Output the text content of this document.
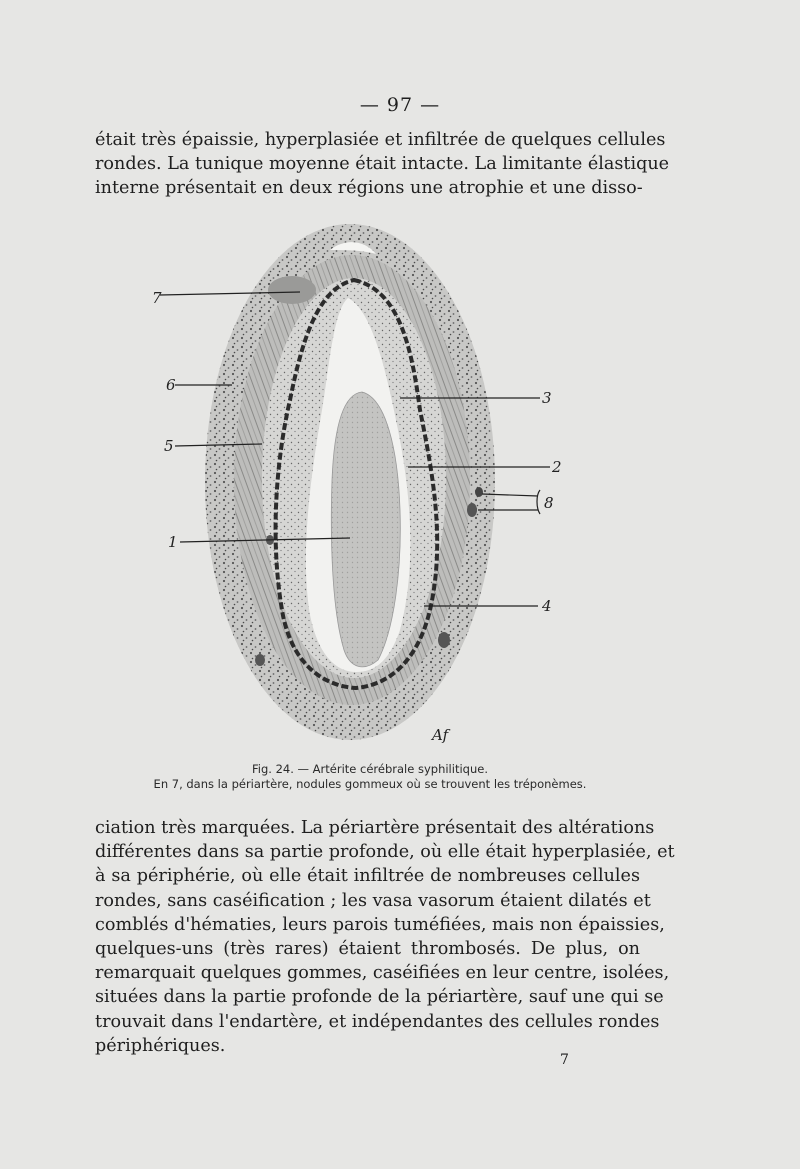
— 97 —
était très épaissie, hyperplasiée et infiltrée de quelques cellules
rondes. La tunique moyenne était intacte. La limitante élastique
interne présentait en deux régions une atrophie et une disso-
7
6
5
1
3
2
8
4
Af
Fig. 24. — Artérite cérébrale syphilitique.
En 7, dans la périartère, nodules gommeux où se trouvent les tréponèmes.
ciation très marquées. La périartère présentait des altérations
différentes dans sa partie profonde, où elle était hyperplasiée, et
à sa périphérie, où elle était infiltrée de nombreuses cellules
rondes, sans caséification ; les vasa vasorum étaient dilatés et
comblés d'hématies, leurs parois tuméfiées, mais non épaissies,
quelques-uns (très rares) étaient thrombosés. De plus, on
remarquait quelques gommes, caséifiées en leur centre, isolées,
situées dans la partie profonde de la périartère, sauf une qui se
trouvait dans l'endartère, et indépendantes des cellules rondes
périphériques.
7
